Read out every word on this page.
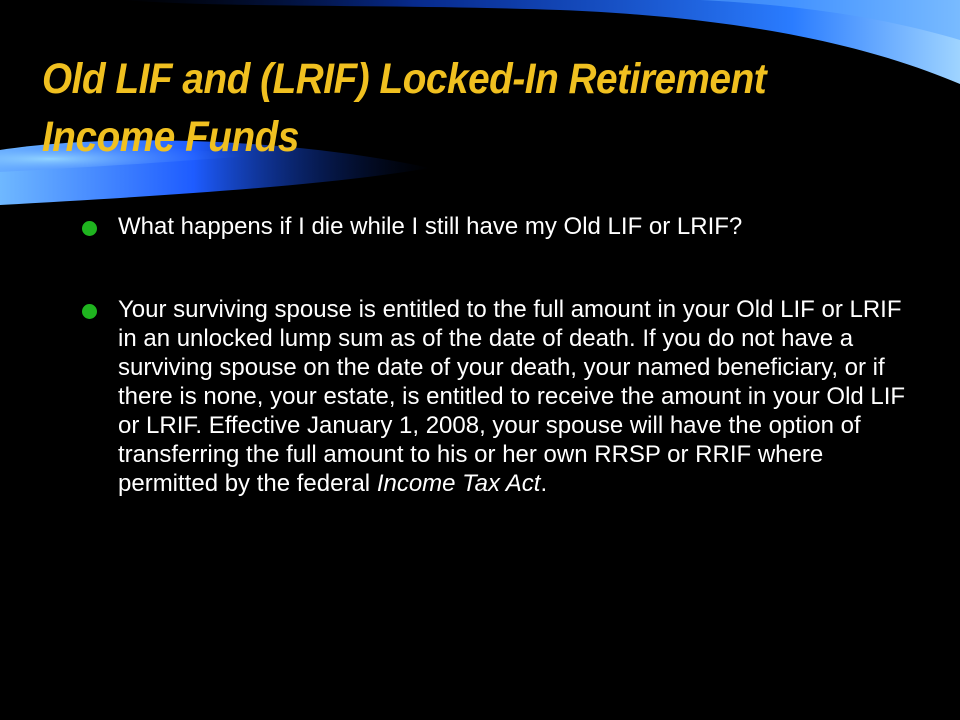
Old LIF and (LRIF) Locked-In Retirement Income Funds
What happens if I die while I still have my Old LIF or LRIF?
Your surviving spouse is entitled to the full amount in your Old LIF or LRIF in an unlocked lump sum as of the date of death. If you do not have a surviving spouse on the date of your death, your named beneficiary, or if there is none, your estate, is entitled to receive the amount in your Old LIF or LRIF. Effective January 1, 2008, your spouse will have the option of transferring the full amount to his or her own RRSP or RRIF where permitted by the federal Income Tax Act.
